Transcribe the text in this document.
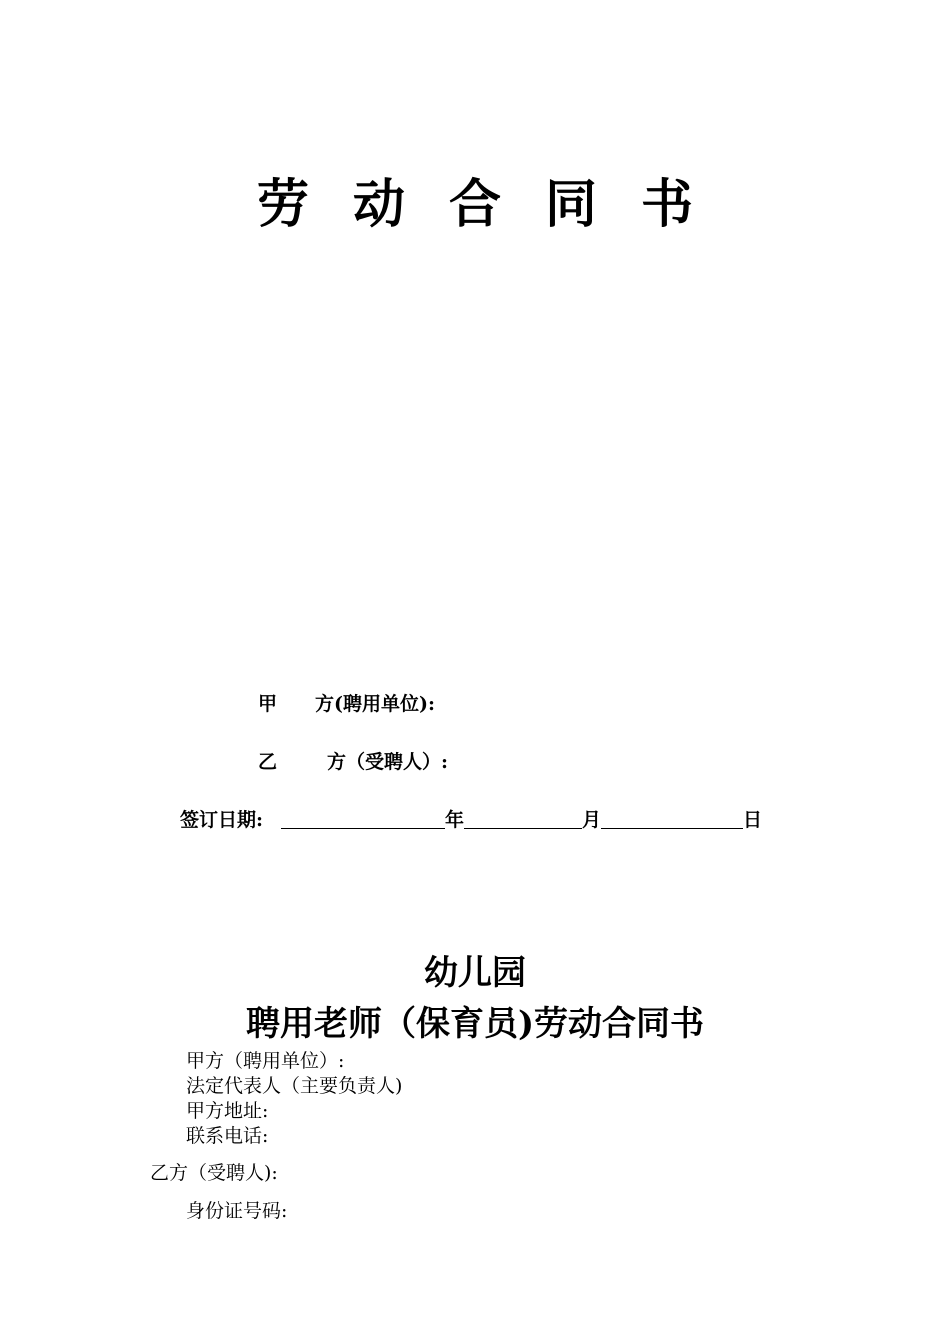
劳动合同书
甲 方(聘用单位):
乙	方（受聘人）:
签订日期:	年	月	日
幼儿园
聘用老师（保育员)劳动合同书
甲方（聘用单位）:
法定代表人（主要负责人)
甲方地址:
联系电话:
乙方（受聘人):
身份证号码:
